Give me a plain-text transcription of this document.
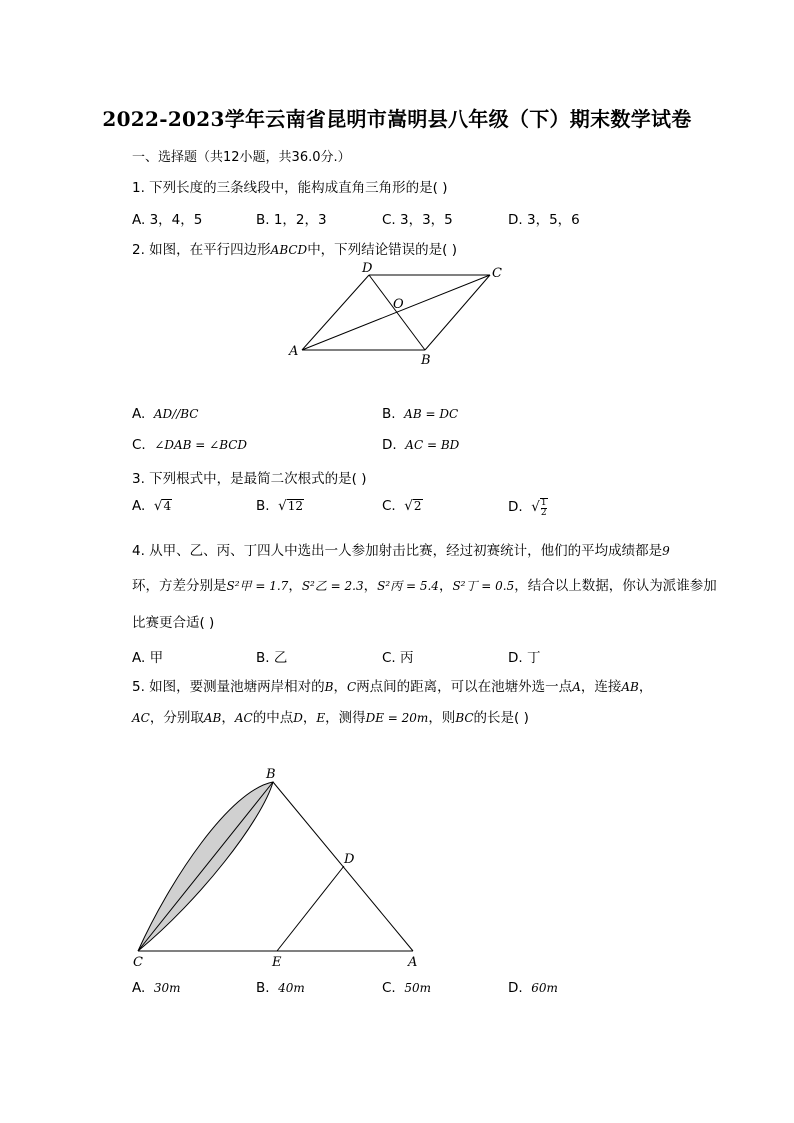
2022-2023学年云南省昆明市嵩明县八年级（下）期末数学试卷
一、选择题（共12小题，共36.0分.）
1. 下列长度的三条线段中，能构成直角三角形的是( )
A. 3，4，5	B. 1，2，3	C. 3，3，5	D. 3，5，6
2. 如图，在平行四边形ABCD中，下列结论错误的是( )
D	C
O
A
B
A. AD//BC	B. AB = DC
C. ∠DAB = ∠BCD	D. AC = BD
3. 下列根式中，是最简二次根式的是( )
A.  √4	B.  √12	C.  √2	D.  √ $\frac{1}{2}$
4. 从甲、乙、丙、丁四人中选出一人参加射击比赛，经过初赛统计，他们的平均成绩都是9
环，方差分别是S²甲 = 1.7，S²乙 = 2.3，S²丙 = 5.4，S²丁 = 0.5，结合以上数据，你认为派谁参加
比赛更合适( )
A. 甲	B. 乙	C. 丙	D. 丁
5. 如图，要测量池塘两岸相对的B，C两点间的距离，可以在池塘外选一点A，连接AB，
AC，分别取AB，AC的中点D，E，测得DE = 20m，则BC的长是( )
B
D
C	E	A
A. 30m	B. 40m	C. 50m	D. 60m
